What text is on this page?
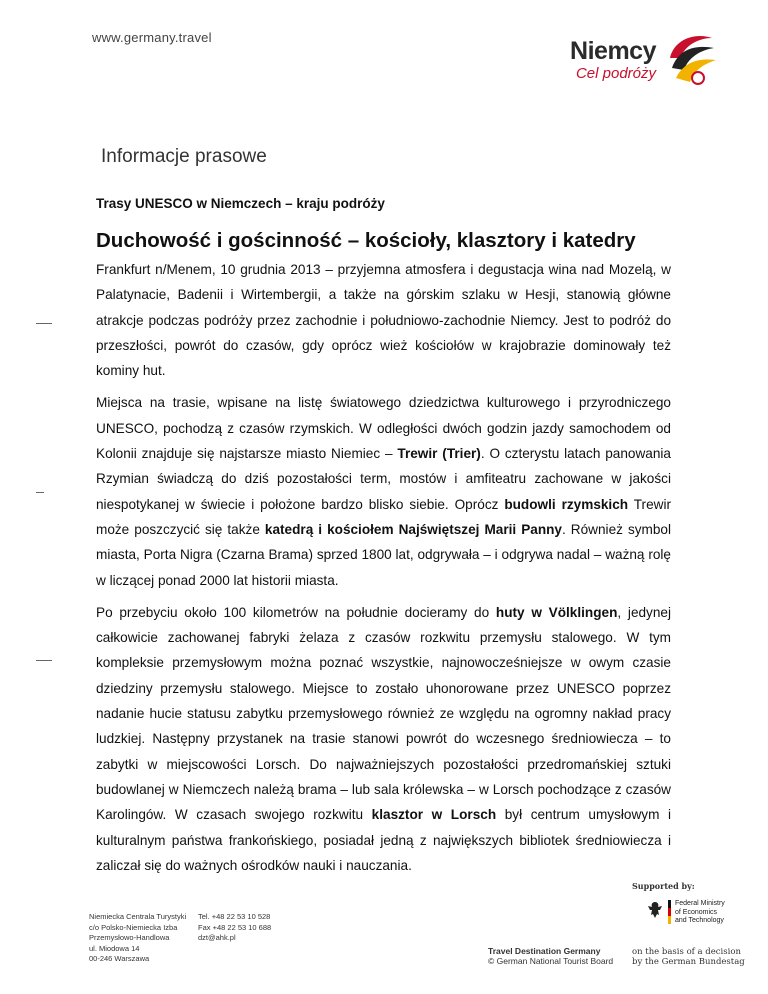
www.germany.travel	Niemcy
Cel podróży
Informacje prasowe
Trasy UNESCO w Niemczech – kraju podróży
Duchowość i gościnność – kościoły, klasztory i katedry

Frankfurt n/Menem, 10 grudnia 2013 – przyjemna atmosfera i degustacja wina nad Mozelą, w Palatynacie, Badenii i Wirtembergii, a także na górskim szlaku w Hesji, stanowią główne atrakcje podczas podróży przez zachodnie i południowo-zachodnie Niemcy. Jest to podróż do przeszłości, powrót do czasów, gdy oprócz wież kościołów w krajobrazie dominowały też kominy hut.

Miejsca na trasie, wpisane na listę światowego dziedzictwa kulturowego i przyrodniczego UNESCO, pochodzą z czasów rzymskich. W odległości dwóch godzin jazdy samochodem od Kolonii znajduje się najstarsze miasto Niemiec – Trewir (Trier). O czterystu latach panowania Rzymian świadczą do dziś pozostałości term, mostów i amfiteatru zachowane w jakości niespotykanej w świecie i położone bardzo blisko siebie. Oprócz budowli rzymskich Trewir może poszczycić się także katedrą i kościołem Najświętszej Marii Panny. Również symbol miasta, Porta Nigra (Czarna Brama) sprzed 1800 lat, odgrywała – i odgrywa nadal – ważną rolę w liczącej ponad 2000 lat historii miasta.

Po przebyciu około 100 kilometrów na południe docieramy do huty w Völklingen, jedynej całkowicie zachowanej fabryki żelaza z czasów rozkwitu przemysłu stalowego. W tym kompleksie przemysłowym można poznać wszystkie, najnowocześniejsze w owym czasie dziedziny przemysłu stalowego. Miejsce to zostało uhonorowane przez UNESCO poprzez nadanie hucie statusu zabytku przemysłowego również ze względu na ogromny nakład pracy ludzkiej. Następny przystanek na trasie stanowi powrót do wczesnego średniowiecza – to zabytki w miejscowości Lorsch. Do najważniejszych pozostałości przedromańskiej sztuki budowlanej w Niemczech należą brama – lub sala królewska – w Lorsch pochodzące z czasów Karolingów. W czasach swojego rozkwitu klasztor w Lorsch był centrum umysłowym i kulturalnym państwa frankońskiego, posiadał jedną z największych bibliotek średniowiecza i zaliczał się do ważnych ośrodków nauki i nauczania.

Supported by:
Niemiecka Centrala Turystyki
c/o Polsko-Niemiecka Izba
Przemysłowo-Handlowa
ul. Miodowa 14
00-246 Warszawa
Tel. +48 22 53 10 528
Fax +48 22 53 10 688
dzt@ahk.pl
Travel Destination Germany
© German National Tourist Board
Federal Ministry
of Economics
and Technology
on the basis of a decision
by the German Bundestag
